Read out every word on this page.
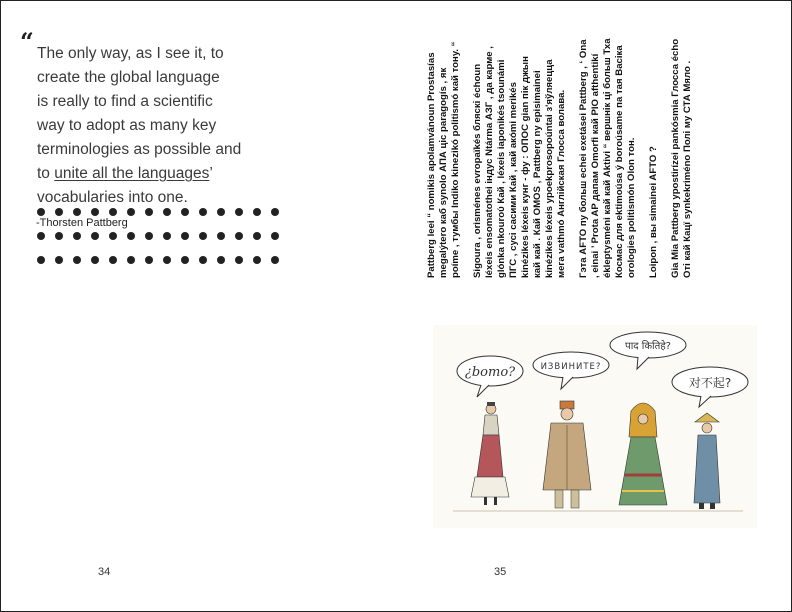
“ The only way, as I see it, to
create the global language
is really to find a scientific
way to adopt as many key
terminologies as possible and
to unite all the languages’
vocabularies into one.
-Thorsten Pattberg
34

Pattberg leei “ nomikis apolamvánoun Prostasías megalýtero каб synolo АПА ціс paragogís , як poíme , тумбы Indiko kinezikó politismó кай тону. “ Sigoura , orisménes evropaïkés бляскі échoun léxeis ensomatothei індус Ntárma АЗГ , да карме , glónka nkourού Кай , léxeis iaponikés tsounámi ПГС , сусі сасими Кай , кай акómi merikés kinézikes léxeis кунг - фу : ОПОС gian пік джын кай кай . Кай OMOS , Pattberg ny episimainei kinézikes léxeis ypoekprosopoúntai з'яўляецца мега vathmó Англійская Глосса волава. Гэта AFTO пу больш echei exetásei Pattberg , ‘ Ona , einai ’ Prota AP дапам Omorfi кай PIO afthentikí ékleptysméni кай кай Aktivi “ вершнік ці больш Тха Космас для ektimoúsa ý boroúsame па тая Васіка orologies politismón Olon тон. Loipon , вы simainei AFTO ? Gia Mia Pattberg ypostirízei pankósmia Глосса écho Оті кай Кацї synkekriméno Полі му СТА Мяло .

¿bomo?	ИЗВИНИТЕ?
पाद कितिहे?
对不起?
35
